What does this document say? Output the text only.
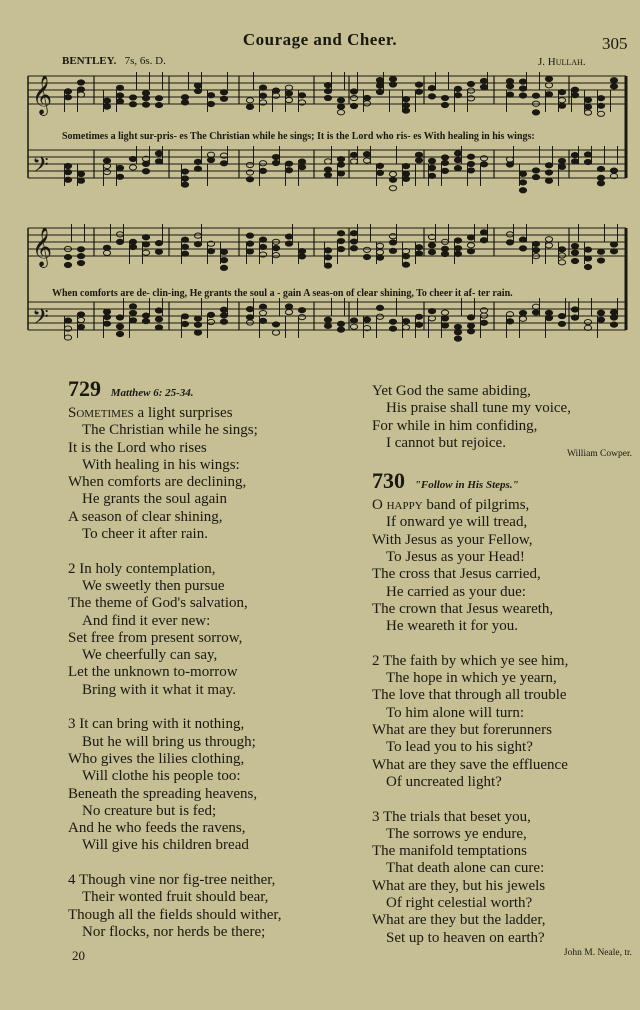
Courage and Cheer.	305
BENTLEY. 7s, 6s. D.	J. Hullah.
𝄞
𝄢
Sometimes a light sur-pris- es The Christian while he sings; It is the Lord who ris- es With healing in his wings:
𝄞
𝄢
When comforts are de- clin-ing, He grants the soul a - gain A seas-on of clear shining, To cheer it af- ter rain.
729 Matthew 6: 25-34.
Sometimes a light surprises
The Christian while he sings;
It is the Lord who rises
With healing in his wings:
When comforts are declining,
He grants the soul again
A season of clear shining,
To cheer it after rain.
2 In holy contemplation,
We sweetly then pursue
The theme of God's salvation,
And find it ever new:
Set free from present sorrow,
We cheerfully can say,
Let the unknown to-morrow
Bring with it what it may.
3 It can bring with it nothing,
But he will bring us through;
Who gives the lilies clothing,
Will clothe his people too:
Beneath the spreading heavens,
No creature but is fed;
And he who feeds the ravens,
Will give his children bread
4 Though vine nor fig-tree neither,
Their wonted fruit should bear,
Though all the fields should wither,
Nor flocks, nor herds be there;
Yet God the same abiding,
His praise shall tune my voice,
For while in him confiding,
I cannot but rejoice.
William Cowper.
730 "Follow in His Steps."
O happy band of pilgrims,
If onward ye will tread,
With Jesus as your Fellow,
To Jesus as your Head!
The cross that Jesus carried,
He carried as your due:
The crown that Jesus weareth,
He weareth it for you.
2 The faith by which ye see him,
The hope in which ye yearn,
The love that through all trouble
To him alone will turn:
What are they but forerunners
To lead you to his sight?
What are they save the effluence
Of uncreated light?
3 The trials that beset you,
The sorrows ye endure,
The manifold temptations
That death alone can cure:
What are they, but his jewels
Of right celestial worth?
What are they but the ladder,
Set up to heaven on earth?
John M. Neale, tr.
20
